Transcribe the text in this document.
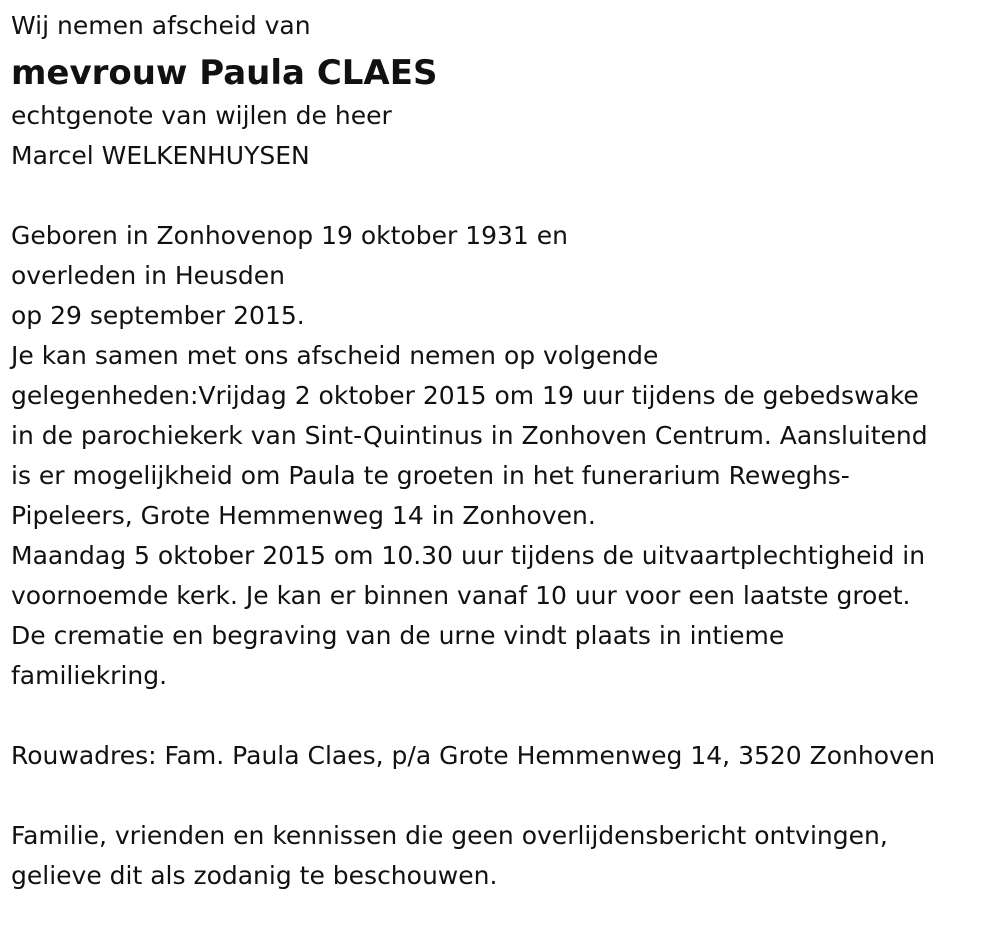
Wij nemen afscheid van
mevrouw Paula CLAES
echtgenote van wijlen de heer
Marcel WELKENHUYSEN
Geboren in Zonhovenop 19 oktober 1931 en
overleden in Heusden
op 29 september 2015.
Je kan samen met ons afscheid nemen op volgende
gelegenheden:Vrijdag 2 oktober 2015 om 19 uur tijdens de gebedswake
in de parochiekerk van Sint-Quintinus in Zonhoven Centrum. Aansluitend
is er mogelijkheid om Paula te groeten in het funerarium Reweghs-
Pipeleers, Grote Hemmenweg 14 in Zonhoven.
Maandag 5 oktober 2015 om 10.30 uur tijdens de uitvaartplechtigheid in
voornoemde kerk. Je kan er binnen vanaf 10 uur voor een laatste groet.
De crematie en begraving van de urne vindt plaats in intieme
familiekring.
Rouwadres: Fam. Paula Claes, p/a Grote Hemmenweg 14, 3520 Zonhoven
Familie, vrienden en kennissen die geen overlijdensbericht ontvingen,
gelieve dit als zodanig te beschouwen.
